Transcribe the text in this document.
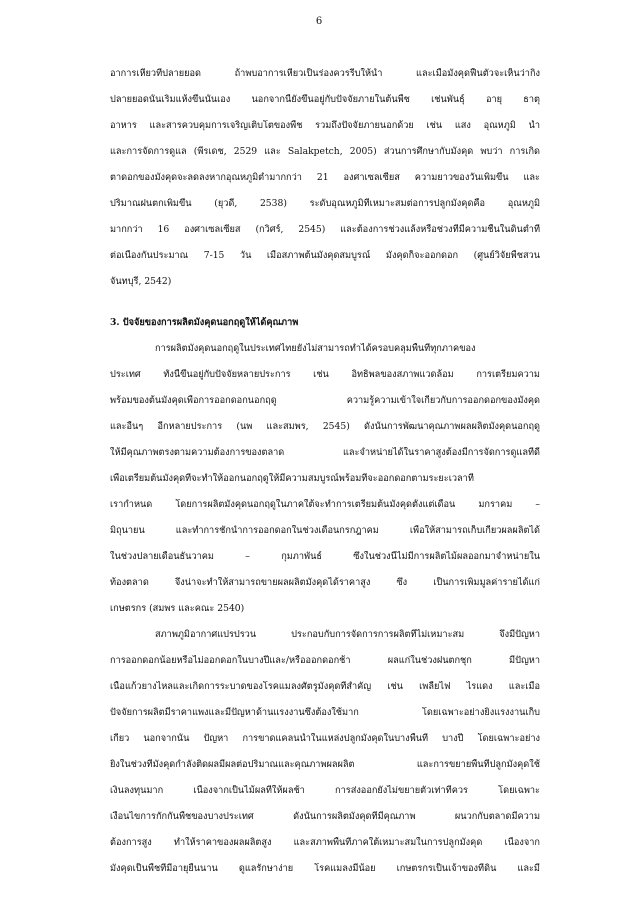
6
อาการเหี่ยวที่ปลายยอด ถ้าพบอาการเหี่ยวเป็นร่องควรรีบให้น้ำ และเมื่อมังคุดฟื้นตัวจะเห็นว่ากิ่ง
ปลายยอดนั้นเริ่มแห้งขึ้นนั้นเอง นอกจากนี้ยังขึ้นอยู่กับปัจจัยภายในต้นพืช เช่นพันธุ์ อายุ ธาตุ
อาหาร และสารควบคุมการเจริญเติบโตของพืช รวมถึงปัจจัยภายนอกด้วย เช่น แสง อุณหภูมิ น้ำ
และการจัดการดูแล (พีรเดช, 2529 และ Salakpetch, 2005) ส่วนการศึกษากับมังคุด พบว่า การเกิด
ตาดอกของมังคุดจะลดลงหากอุณหภูมิต่ำมากกว่า 21 องศาเซลเซียส ความยาวของวันเพิ่มขึ้น และ
ปริมาณฝนตกเพิ่มขึ้น (ยุวดี, 2538) ระดับอุณหภูมิที่เหมาะสมต่อการปลูกมังคุดคือ อุณหภูมิ
มากกว่า 16 องศาเซลเซียส (กวิศร์, 2545) และต้องการช่วงแล้งหรือช่วงที่มีความชื้นในดินต่ำที่
ต่อเนื่องกันประมาณ 7-15 วัน เมื่อสภาพต้นมังคุดสมบูรณ์ มังคุดก็จะออกดอก (ศูนย์วิจัยพืชสวน
จันทบุรี, 2542)
3. ปัจจัยของการผลิตมังคุดนอกฤดูให้ได้คุณภาพ
การผลิตมังคุดนอกฤดูในประเทศไทยยังไม่สามารถทำได้ครอบคลุมพื้นที่ทุกภาคของ
ประเทศ ทั้งนี้ขึ้นอยู่กับปัจจัยหลายประการ เช่น อิทธิพลของสภาพแวดล้อม การเตรียมความ
พร้อมของต้นมังคุดเพื่อการออกดอกนอกฤดู ความรู้ความเข้าใจเกี่ยวกับการออกดอกของมังคุด
และอื่นๆ อีกหลายประการ (นพ และสมพร, 2545) ดังนั้นการพัฒนาคุณภาพผลผลิตมังคุดนอกฤดู
ให้มีคุณภาพตรงตามความต้องการของตลาด และจำหน่ายได้ในราคาสูงต้องมีการจัดการดูแลที่ดี
เพื่อเตรียมต้นมังคุดที่จะทำให้ออกนอกฤดูให้มีความสมบูรณ์พร้อมที่จะออกดอกตามระยะเวลาที่
เรากำหนด โดยการผลิตมังคุดนอกฤดูในภาคใต้จะทำการเตรียมต้นมังคุดตั้งแต่เดือน มกราคม –
มิถุนายน และทำการชักนำการออกดอกในช่วงเดือนกรกฎาคม เพื่อให้สามารถเก็บเกี่ยวผลผลิตได้
ในช่วงปลายเดือนธันวาคม – กุมภาพันธ์ ซึ่งในช่วงนี้ไม่มีการผลิตไม้ผลออกมาจำหน่ายใน
ท้องตลาด จึงน่าจะทำให้สามารถขายผลผลิตมังคุดได้ราคาสูง ซึ่ง เป็นการเพิ่มมูลค่ารายได้แก่
เกษตรกร (สมพร และคณะ 2540)
สภาพภูมิอากาศแปรปรวน ประกอบกับการจัดการการผลิตที่ไม่เหมาะสม จึงมีปัญหา
การออกดอกน้อยหรือไม่ออกดอกในบางปีและ/หรือออกดอกช้า ผลแก่ในช่วงฝนตกชุก มีปัญหา
เนื้อแก้วยางไหลและเกิดการระบาดของโรคแมลงศัตรูมังคุดที่สำคัญ เช่น เพลี้ยไฟ ไรแดง และเมื่อ
ปัจจัยการผลิตมีราคาแพงและมีปัญหาด้านแรงงานซึ่งต้องใช้มาก โดยเฉพาะอย่างยิ่งแรงงานเก็บ
เกี่ยว นอกจากนั้น ปัญหา การขาดแคลนน้ำในแหล่งปลูกมังคุดในบางพื้นที่ บางปี โดยเฉพาะอย่าง
ยิ่งในช่วงที่มังคุดกำลังติดผลมีผลต่อปริมาณและคุณภาพผลผลิต และการขยายพื้นที่ปลูกมังคุดใช้
เงินลงทุนมาก เนื่องจากเป็นไม้ผลที่ให้ผลช้า การส่งออกยังไม่ขยายตัวเท่าที่ควร โดยเฉพาะ
เงื่อนไขการกักกันพืชของบางประเทศ ดังนั้นการผลิตมังคุดที่มีคุณภาพ ผนวกกับตลาดมีความ
ต้องการสูง ทำให้ราคาของผลผลิตสูง และสภาพพื้นที่ภาคใต้เหมาะสมในการปลูกมังคุด เนื่องจาก
มังคุดเป็นพืชที่มีอายุยืนนาน ดูแลรักษาง่าย โรคแมลงมีน้อย เกษตรกรเป็นเจ้าของที่ดิน และมี
